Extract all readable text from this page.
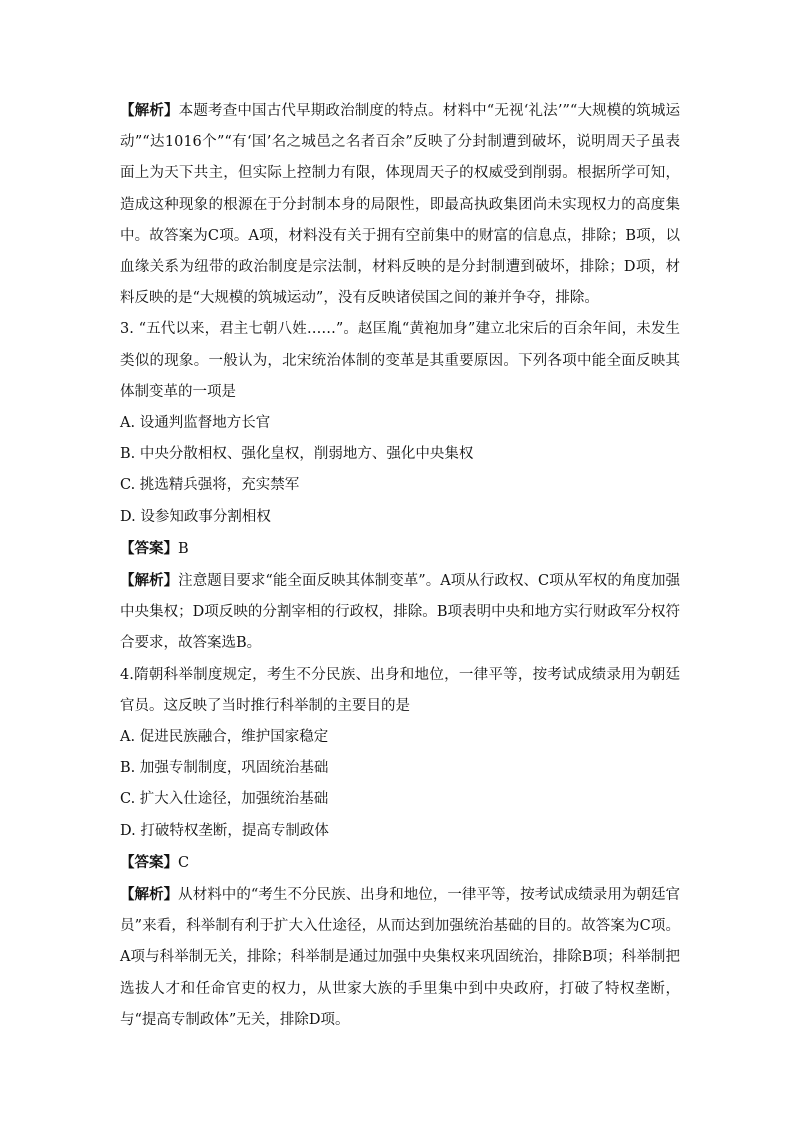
【解析】本题考查中国古代早期政治制度的特点。材料中“无视‘礼法’”“大规模的筑城运动”“达1016个”“有‘国’名之城邑之名者百余”反映了分封制遭到破坏，说明周天子虽表面上为天下共主，但实际上控制力有限，体现周天子的权威受到削弱。根据所学可知，造成这种现象的根源在于分封制本身的局限性，即最高执政集团尚未实现权力的高度集中。故答案为C项。A项，材料没有关于拥有空前集中的财富的信息点，排除；B项，以血缘关系为纽带的政治制度是宗法制，材料反映的是分封制遭到破坏，排除；D项，材料反映的是“大规模的筑城运动”，没有反映诸侯国之间的兼并争夺，排除。

3. “五代以来，君主七朝八姓……”。赵匡胤“黄袍加身”建立北宋后的百余年间，未发生类似的现象。一般认为，北宋统治体制的变革是其重要原因。下列各项中能全面反映其体制变革的一项是

A. 设通判监督地方长官

B. 中央分散相权、强化皇权，削弱地方、强化中央集权

C. 挑选精兵强将，充实禁军

D. 设参知政事分割相权

【答案】B

【解析】注意题目要求“能全面反映其体制变革”。A项从行政权、C项从军权的角度加强中央集权；D项反映的分割宰相的行政权，排除。B项表明中央和地方实行财政军分权符合要求，故答案选B。

4.隋朝科举制度规定，考生不分民族、出身和地位，一律平等，按考试成绩录用为朝廷官员。这反映了当时推行科举制的主要目的是

A. 促进民族融合，维护国家稳定

B. 加强专制制度，巩固统治基础

C. 扩大入仕途径，加强统治基础

D. 打破特权垄断，提高专制政体

【答案】C

【解析】从材料中的“考生不分民族、出身和地位，一律平等，按考试成绩录用为朝廷官员”来看，科举制有利于扩大入仕途径，从而达到加强统治基础的目的。故答案为C项。A项与科举制无关，排除；科举制是通过加强中央集权来巩固统治，排除B项；科举制把选拔人才和任命官吏的权力，从世家大族的手里集中到中央政府，打破了特权垄断，与“提高专制政体”无关，排除D项。
